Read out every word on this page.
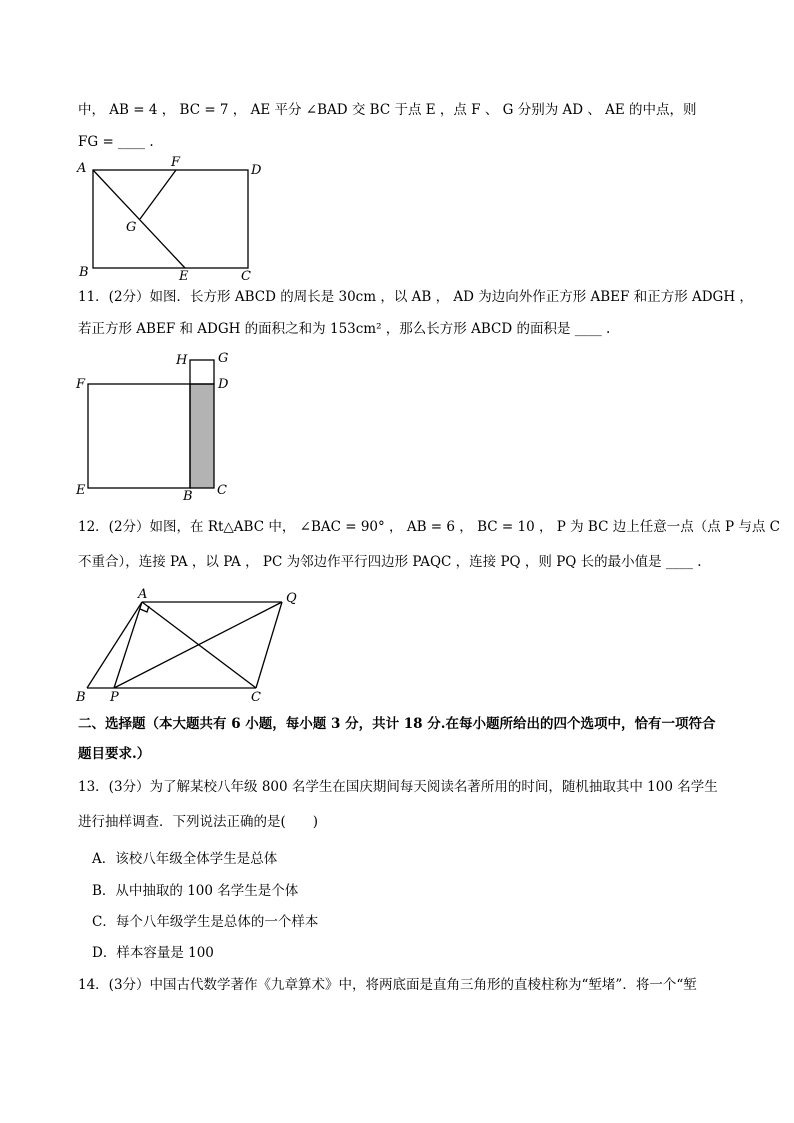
中， AB = 4 ， BC = 7 ， AE 平分 ∠BAD 交 BC 于点 E ，点 F 、 G 分别为 AD 、 AE 的中点，则
FG = ____ .
A	F
D
G
B	E	C
11．(2分）如图．长方形 ABCD 的周长是 30cm ，以 AB ， AD 为边向外作正方形 ABEF 和正方形 ADGH ，
若正方形 ABEF 和 ADGH 的面积之和为 153cm² ，那么长方形 ABCD 的面积是 ____ .
H G
F	D
E	B C
12．(2分）如图，在 Rt△ABC 中， ∠BAC = 90° ， AB = 6 ， BC = 10 ， P 为 BC 边上任意一点（点 P 与点 C
不重合），连接 PA ，以 PA ， PC 为邻边作平行四边形 PAQC ，连接 PQ ，则 PQ 长的最小值是 ____ .
A	Q
B P	C
二、选择题（本大题共有 6 小题，每小题 3 分，共计 18 分.在每小题所给出的四个选项中，恰有一项符合
题目要求.）
13．(3分）为了解某校八年级 800 名学生在国庆期间每天阅读名著所用的时间，随机抽取其中 100 名学生
进行抽样调查．下列说法正确的是(　　)
A．该校八年级全体学生是总体
B．从中抽取的 100 名学生是个体
C．每个八年级学生是总体的一个样本
D．样本容量是 100
14．(3分）中国古代数学著作《九章算术》中，将两底面是直角三角形的直棱柱称为“堑堵”．将一个“堑
